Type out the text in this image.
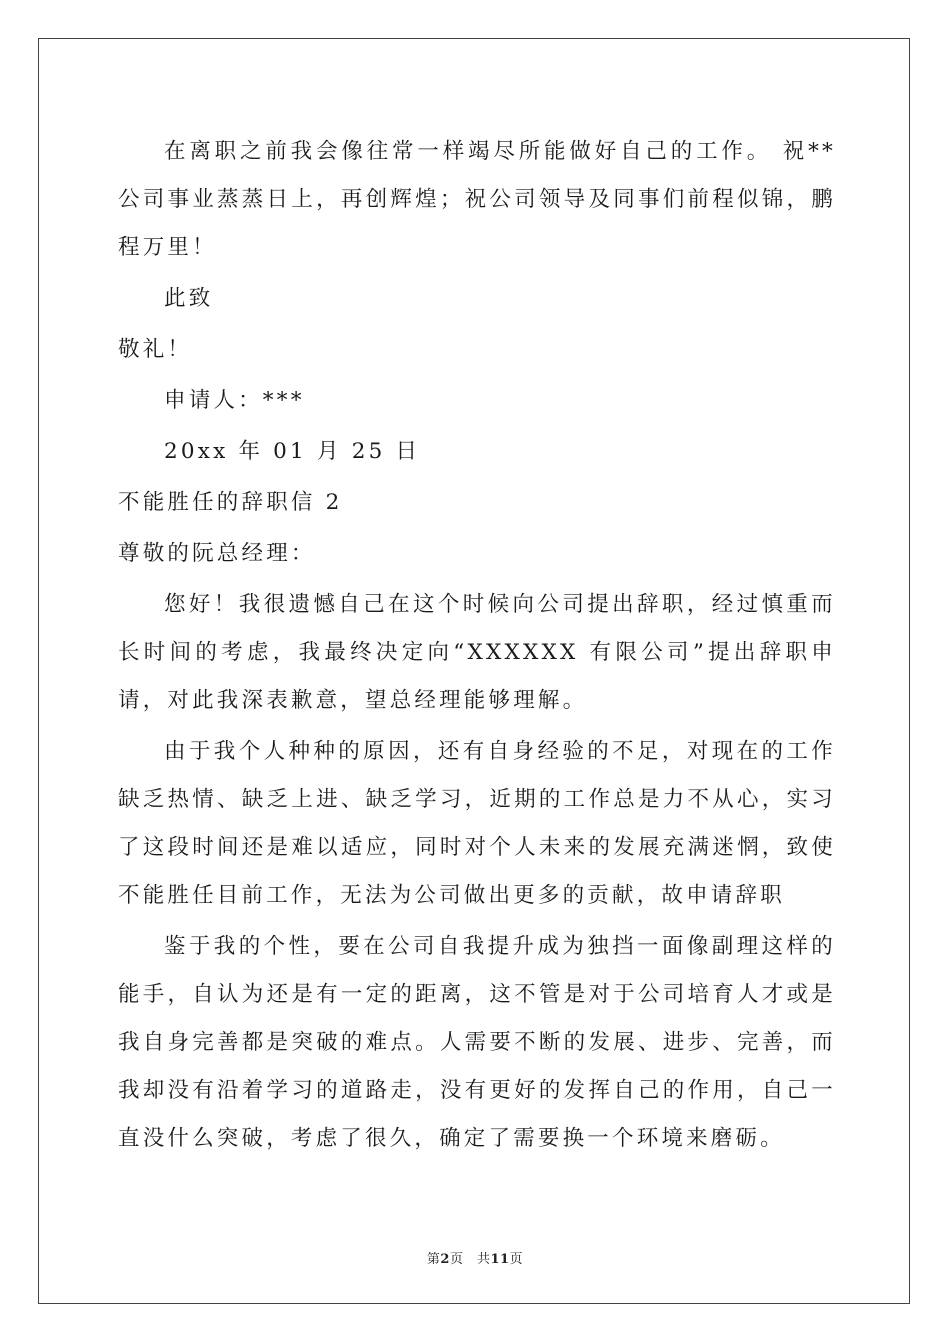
在离职之前我会像往常一样竭尽所能做好自己的工作。 祝**公司事业蒸蒸日上，再创辉煌；祝公司领导及同事们前程似锦，鹏程万里！

此致

敬礼！

申请人：***

20xx 年 01 月 25 日

不能胜任的辞职信 2

尊敬的阮总经理：

您好！我很遗憾自己在这个时候向公司提出辞职，经过慎重而长时间的考虑，我最终决定向“XXXXXX 有限公司”提出辞职申请，对此我深表歉意，望总经理能够理解。

由于我个人种种的原因，还有自身经验的不足，对现在的工作缺乏热情、缺乏上进、缺乏学习，近期的工作总是力不从心，实习了这段时间还是难以适应，同时对个人未来的发展充满迷惘，致使不能胜任目前工作，无法为公司做出更多的贡献，故申请辞职

鉴于我的个性，要在公司自我提升成为独挡一面像副理这样的能手，自认为还是有一定的距离，这不管是对于公司培育人才或是我自身完善都是突破的难点。人需要不断的发展、进步、完善，而我却没有沿着学习的道路走，没有更好的发挥自己的作用，自己一直没什么突破，考虑了很久，确定了需要换一个环境来磨砺。

第2页　共11页
